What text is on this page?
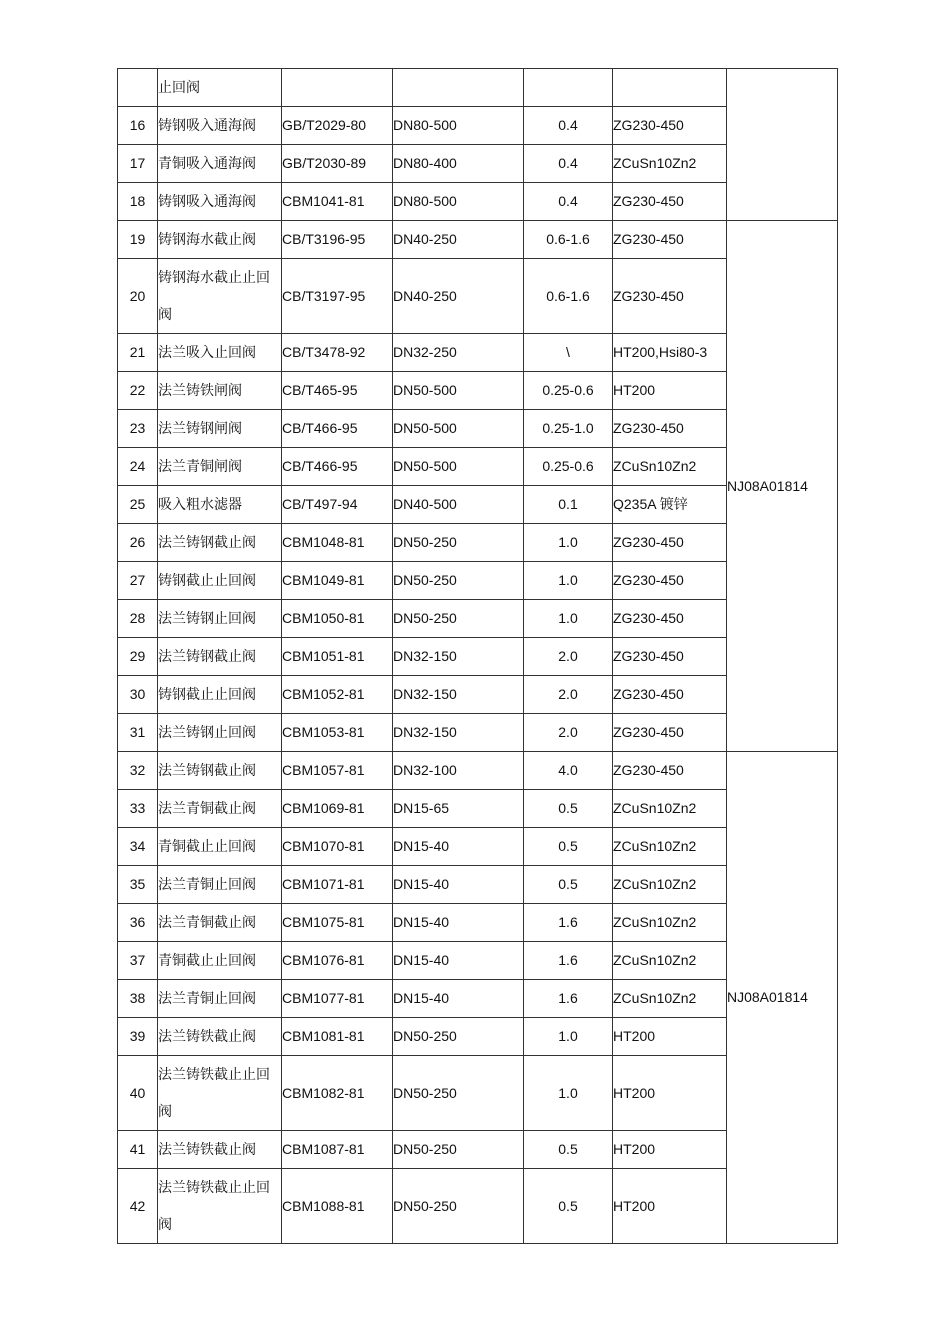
	止回阀					
16	铸钢吸入通海阀	GB/T2029-80	DN80-500	0.4	ZG230-450	
17	青铜吸入通海阀	GB/T2030-89	DN80-400	0.4	ZCuSn10Zn2	
18	铸钢吸入通海阀	CBM1041-81	DN80-500	0.4	ZG230-450	
19	铸钢海水截止阀	CB/T3196-95	DN40-250	0.6-1.6	ZG230-450	NJ08A01814
20	铸钢海水截止止回阀	CB/T3197-95	DN40-250	0.6-1.6	ZG230-450	
21	法兰吸入止回阀	CB/T3478-92	DN32-250	\	HT200,Hsi80-3	
22	法兰铸铁闸阀	CB/T465-95	DN50-500	0.25-0.6	HT200	
23	法兰铸钢闸阀	CB/T466-95	DN50-500	0.25-1.0	ZG230-450	
24	法兰青铜闸阀	CB/T466-95	DN50-500	0.25-0.6	ZCuSn10Zn2	
25	吸入粗水滤器	CB/T497-94	DN40-500	0.1	Q235A 镀锌	
26	法兰铸钢截止阀	CBM1048-81	DN50-250	1.0	ZG230-450	
27	铸钢截止止回阀	CBM1049-81	DN50-250	1.0	ZG230-450	
28	法兰铸钢止回阀	CBM1050-81	DN50-250	1.0	ZG230-450	
29	法兰铸钢截止阀	CBM1051-81	DN32-150	2.0	ZG230-450	
30	铸钢截止止回阀	CBM1052-81	DN32-150	2.0	ZG230-450	
31	法兰铸钢止回阀	CBM1053-81	DN32-150	2.0	ZG230-450	
32	法兰铸钢截止阀	CBM1057-81	DN32-100	4.0	ZG230-450	NJ08A01814
33	法兰青铜截止阀	CBM1069-81	DN15-65	0.5	ZCuSn10Zn2	
34	青铜截止止回阀	CBM1070-81	DN15-40	0.5	ZCuSn10Zn2	
35	法兰青铜止回阀	CBM1071-81	DN15-40	0.5	ZCuSn10Zn2	
36	法兰青铜截止阀	CBM1075-81	DN15-40	1.6	ZCuSn10Zn2	
37	青铜截止止回阀	CBM1076-81	DN15-40	1.6	ZCuSn10Zn2	
38	法兰青铜止回阀	CBM1077-81	DN15-40	1.6	ZCuSn10Zn2	
39	法兰铸铁截止阀	CBM1081-81	DN50-250	1.0	HT200	
40	法兰铸铁截止止回阀	CBM1082-81	DN50-250	1.0	HT200	
41	法兰铸铁截止阀	CBM1087-81	DN50-250	0.5	HT200	
42	法兰铸铁截止止回阀	CBM1088-81	DN50-250	0.5	HT200	
